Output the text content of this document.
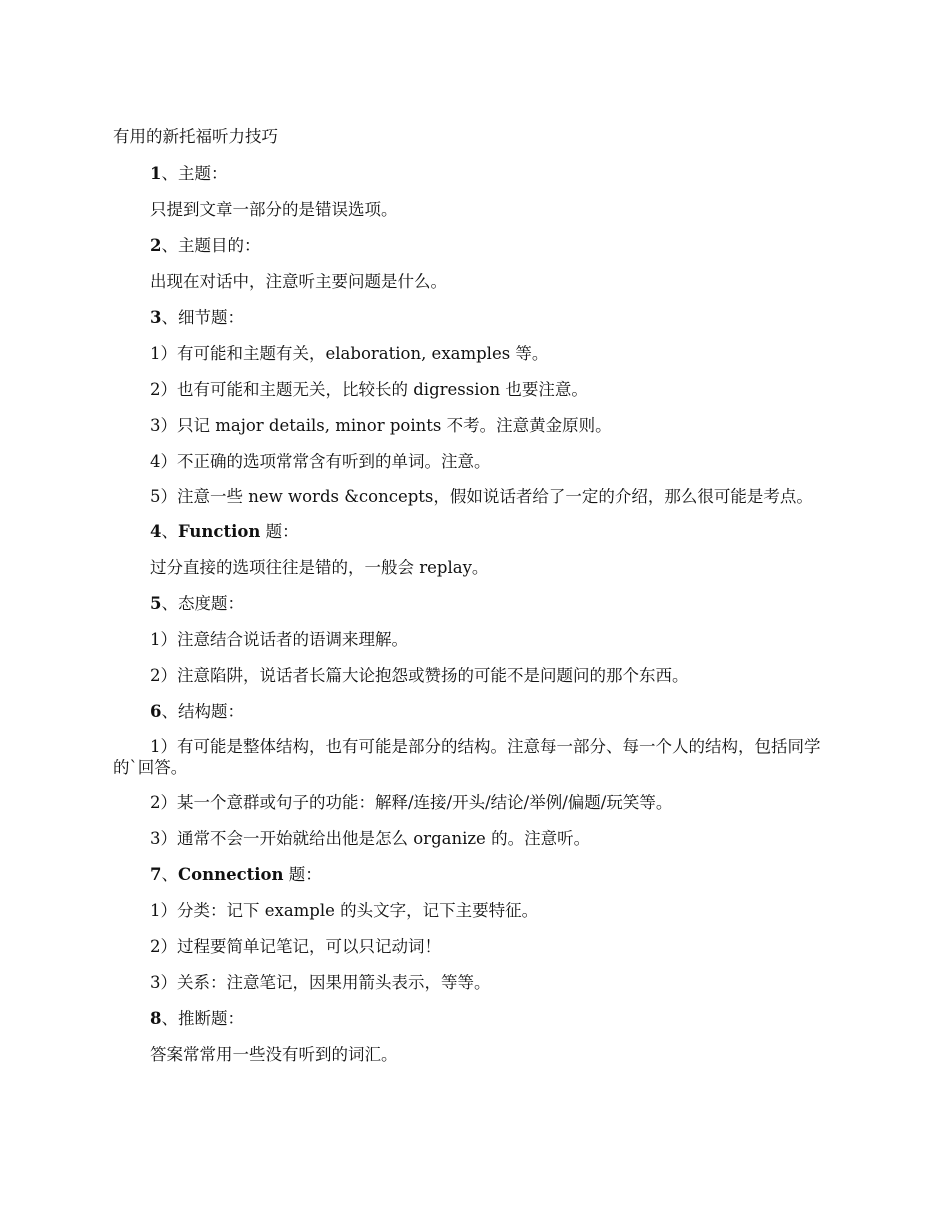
有用的新托福听力技巧
1、主题：
只提到文章一部分的是错误选项。
2、主题目的：
出现在对话中，注意听主要问题是什么。
3、细节题：
1）有可能和主题有关，elaboration, examples 等。
2）也有可能和主题无关，比较长的 digression 也要注意。
3）只记 major details, minor points 不考。注意黄金原则。
4）不正确的选项常常含有听到的单词。注意。
5）注意一些 new words &concepts，假如说话者给了一定的介绍，那么很可能是考点。
4、Function 题：
过分直接的选项往往是错的，一般会 replay。
5、态度题：
1）注意结合说话者的语调来理解。
2）注意陷阱，说话者长篇大论抱怨或赞扬的可能不是问题问的那个东西。
6、结构题：
1）有可能是整体结构，也有可能是部分的结构。注意每一部分、每一个人的结构，包括同学的`回答。
2）某一个意群或句子的功能：解释/连接/开头/结论/举例/偏题/玩笑等。
3）通常不会一开始就给出他是怎么 organize 的。注意听。
7、Connection 题：
1）分类：记下 example 的头文字，记下主要特征。
2）过程要简单记笔记，可以只记动词！
3）关系：注意笔记，因果用箭头表示，等等。
8、推断题：
答案常常用一些没有听到的词汇。
